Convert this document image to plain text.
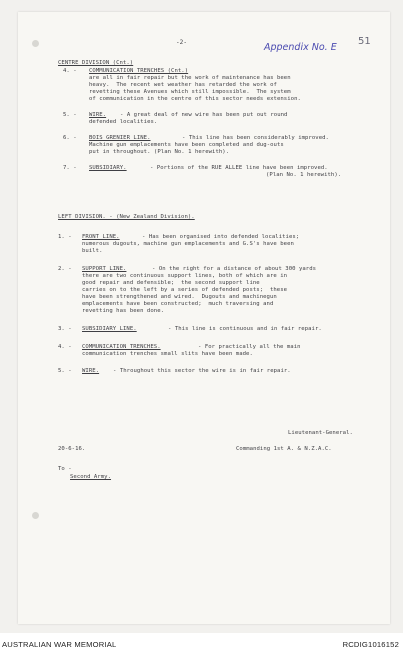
-2-	Appendix No. E
51
CENTRE DIVISION (Cnt.)
4. - COMMUNICATION TRENCHES (Cnt.)
are all in fair repair but the work of maintenance has been
heavy.  The recent wet weather has retarded the work of
revetting these Avenues which still impossible.  The system
of communication in the centre of this sector needs extension.
5. - WIRE. - A great deal of new wire has been put out round
defended localities.
6. - BOIS GRENIER LINE.	- This line has been considerably improved.
Machine gun emplacements have been completed and dug-outs
put in throughout. (Plan No. 1 herewith).
7. - SUBSIDIARY.	- Portions of the RUE ALLEE line have been improved.
(Plan No. 1 herewith).
LEFT DIVISION. - (New Zealand Division).
1. - FRONT LINE.	- Has been organised into defended localities;
numerous dugouts, machine gun emplacements and G.S's have been
built.
2. - SUPPORT LINE.	- On the right for a distance of about 300 yards
there are two continuous support lines, both of which are in
good repair and defensible;  the second support line
carries on to the left by a series of defended posts;  these
have been strengthened and wired.  Dugouts and machinegun
emplacements have been constructed;  much traversing and
revetting has been done.
3. - SUBSIDIARY LINE.	- This line is continuous and in fair repair.
4. - COMMUNICATION TRENCHES.	- For practically all the main
communication trenches small slits have been made.
5. - WIRE. - Throughout this sector the wire is in fair repair.
Lieutenant-General.
20-6-16.	Commanding 1st A. & N.Z.A.C.
To -
Second Army.
AUSTRALIAN WAR MEMORIAL	RCDIG1016152
